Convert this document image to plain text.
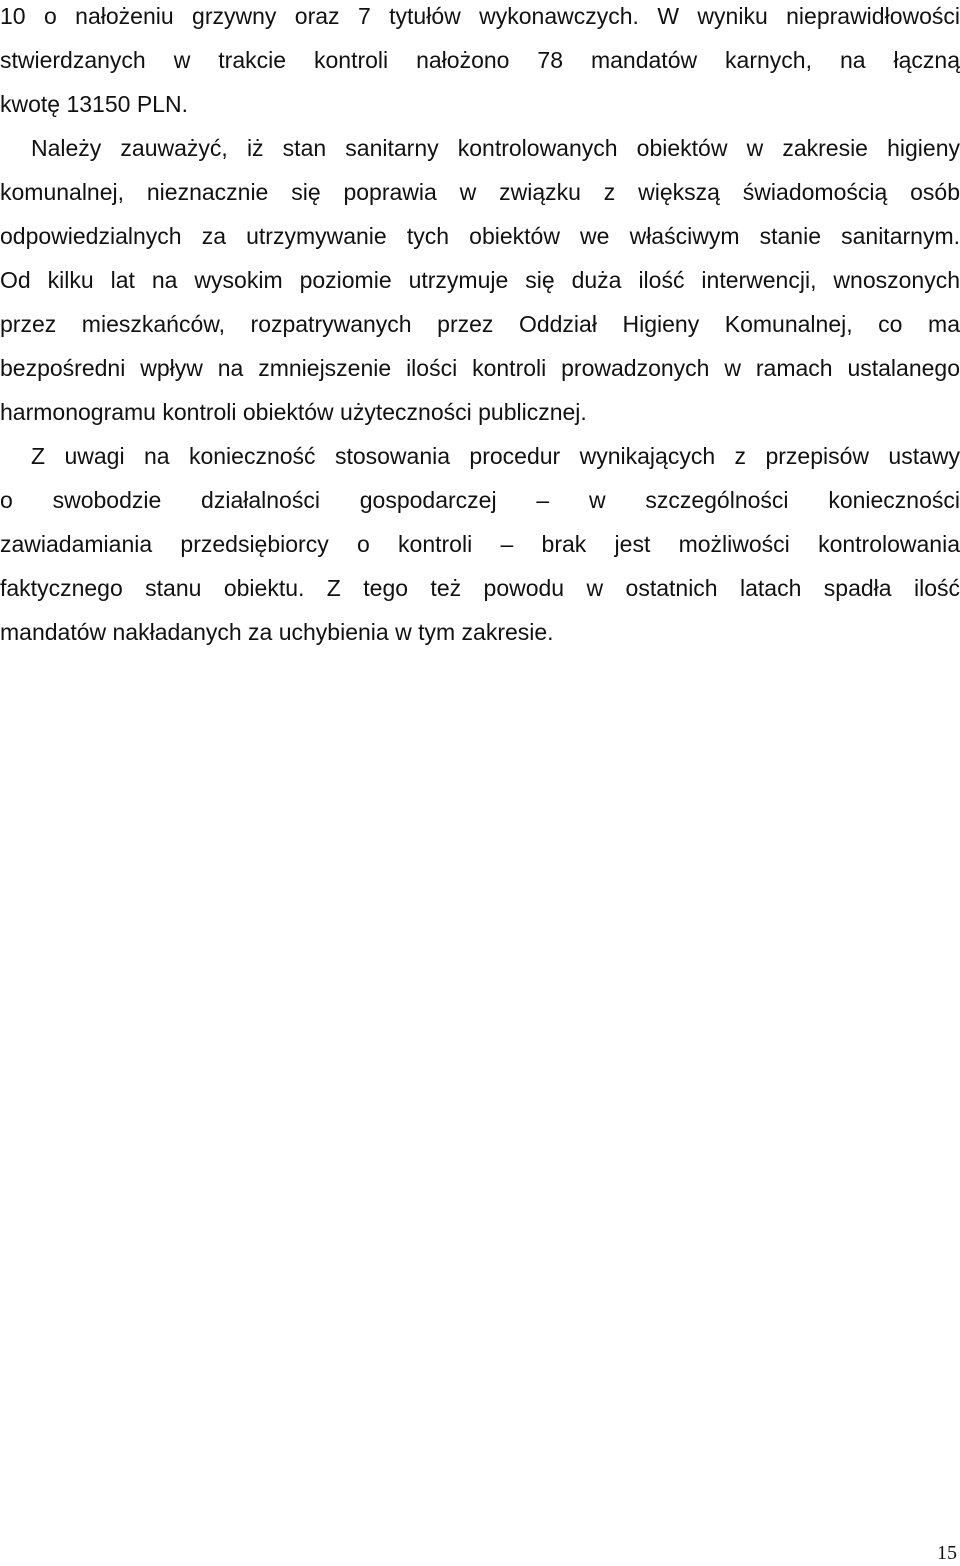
10 o nałożeniu grzywny oraz 7 tytułów wykonawczych. W wyniku nieprawidłowości
stwierdzanych w trakcie kontroli nałożono 78 mandatów karnych, na łączną
kwotę 13150 PLN.
Należy zauważyć, iż stan sanitarny kontrolowanych obiektów w zakresie higieny
komunalnej, nieznacznie się poprawia w związku z większą świadomością osób
odpowiedzialnych za utrzymywanie tych obiektów we właściwym stanie sanitarnym.
Od kilku lat na wysokim poziomie utrzymuje się duża ilość interwencji, wnoszonych
przez mieszkańców, rozpatrywanych przez Oddział Higieny Komunalnej, co ma
bezpośredni wpływ na zmniejszenie ilości kontroli prowadzonych w ramach ustalanego
harmonogramu kontroli obiektów użyteczności publicznej.
Z uwagi na konieczność stosowania procedur wynikających z przepisów ustawy
o swobodzie działalności gospodarczej – w szczególności konieczności
zawiadamiania przedsiębiorcy o kontroli – brak jest możliwości kontrolowania
faktycznego stanu obiektu. Z tego też powodu w ostatnich latach spadła ilość
mandatów nakładanych za uchybienia w tym zakresie.
15
